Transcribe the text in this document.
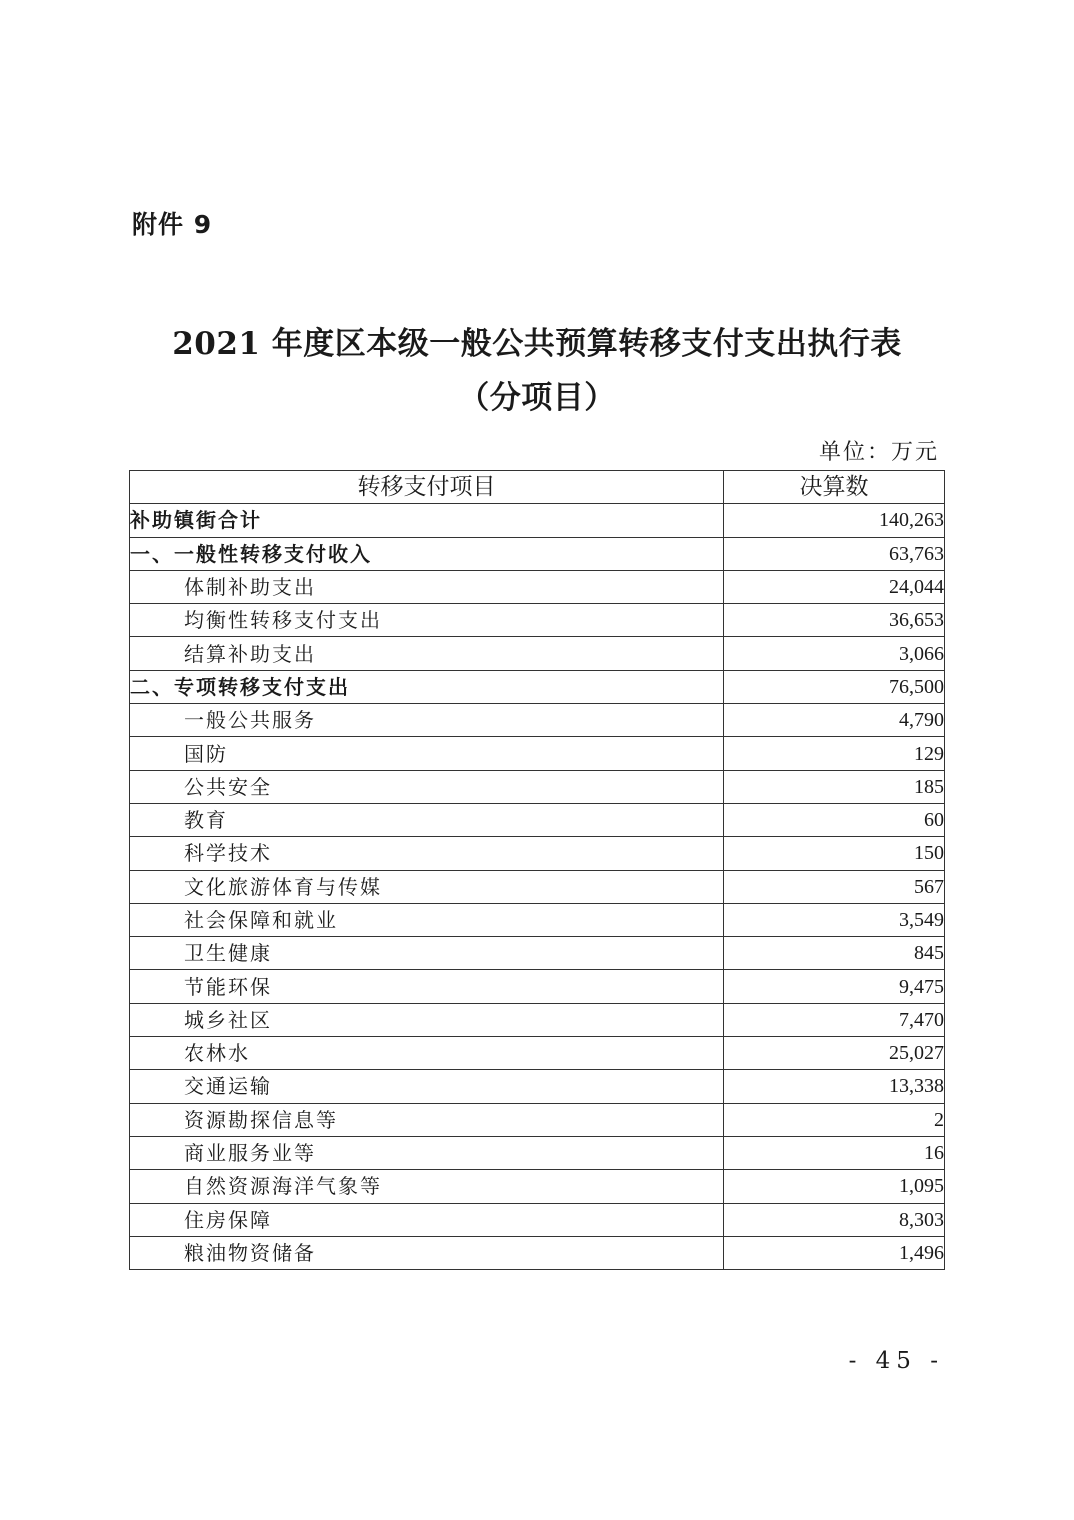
附件 9
2021 年度区本级一般公共预算转移支付支出执行表
（分项目）
单位：万元
转移支付项目	决算数
补助镇街合计	140,263
一、一般性转移支付收入	63,763
体制补助支出	24,044
均衡性转移支付支出	36,653
结算补助支出	3,066
二、专项转移支付支出	76,500
一般公共服务	4,790
国防	129
公共安全	185
教育	60
科学技术	150
文化旅游体育与传媒	567
社会保障和就业	3,549
卫生健康	845
节能环保	9,475
城乡社区	7,470
农林水	25,027
交通运输	13,338
资源勘探信息等	2
商业服务业等	16
自然资源海洋气象等	1,095
住房保障	8,303
粮油物资储备	1,496
- 45 -
